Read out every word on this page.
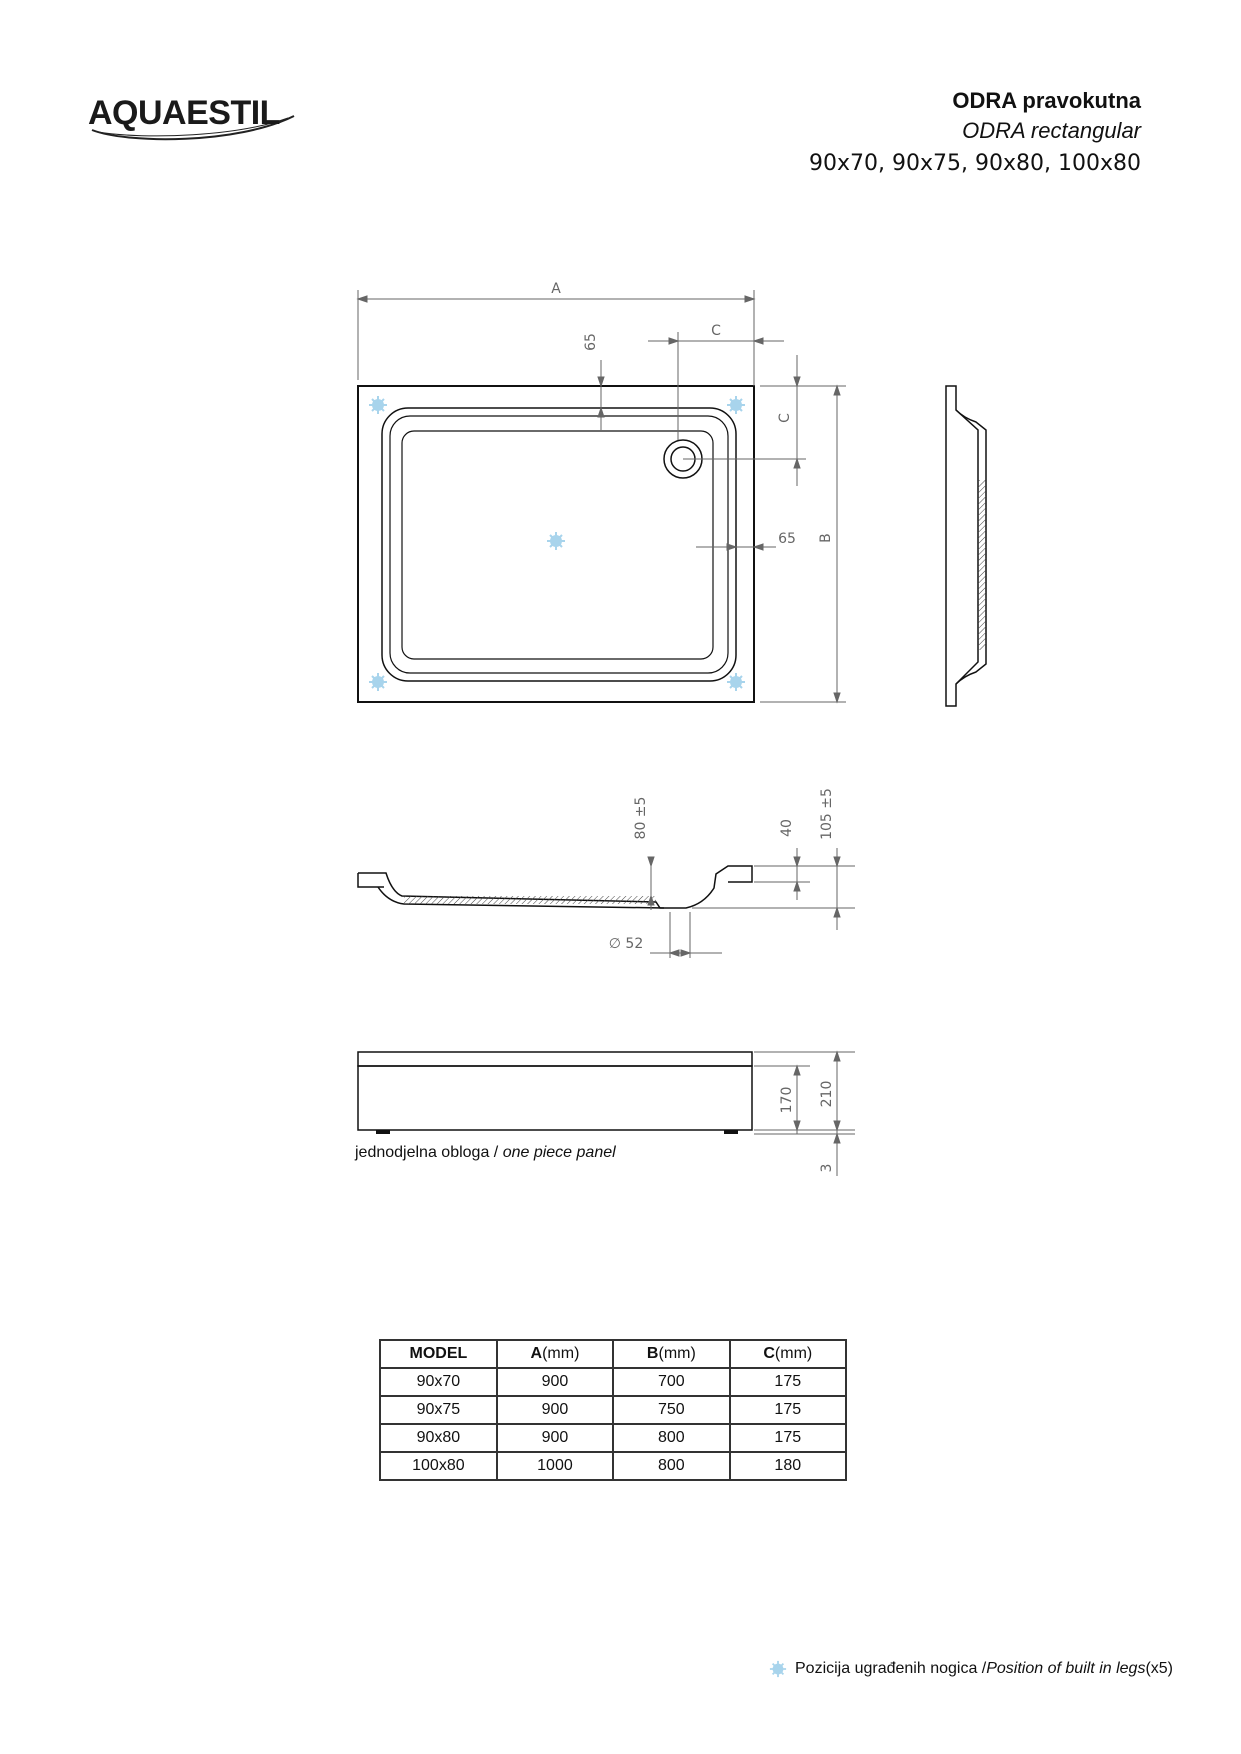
AQUAESTIL	ODRA pravokutna
ODRA rectangular
90x70, 90x75, 90x80, 100x80
A
C
65
C
B
65
80 ±5	40 105 ±5
∅ 52
170 210
3
jednodjelna obloga / one piece panel
MODEL	A(mm)	B(mm)	C(mm)
90x70	900	700	175
90x75	900	750	175
90x80	900	800	175
100x80	1000	800	180
Pozicija ugrađenih nogica / Position of built in legs (x5)
